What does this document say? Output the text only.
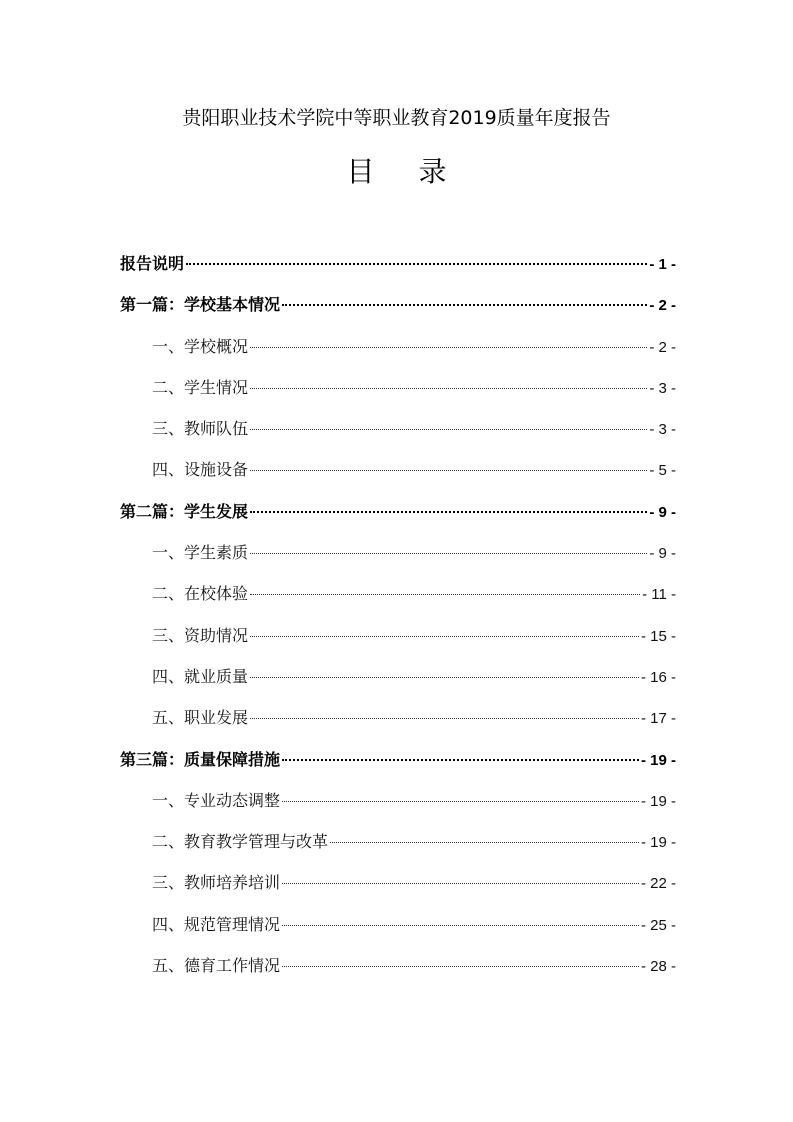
贵阳职业技术学院中等职业教育2019质量年度报告
目 录
报告说明	- 1 -
第一篇：学校基本情况	- 2 -
一、学校概况	- 2 -
二、学生情况	- 3 -
三、教师队伍	- 3 -
四、设施设备	- 5 -
第二篇：学生发展	- 9 -
一、学生素质	- 9 -
二、在校体验	- 11 -
三、资助情况	- 15 -
四、就业质量	- 16 -
五、职业发展	- 17 -
第三篇：质量保障措施	- 19 -
一、专业动态调整	- 19 -
二、教育教学管理与改革	- 19 -
三、教师培养培训	- 22 -
四、规范管理情况	- 25 -
五、德育工作情况	- 28 -
